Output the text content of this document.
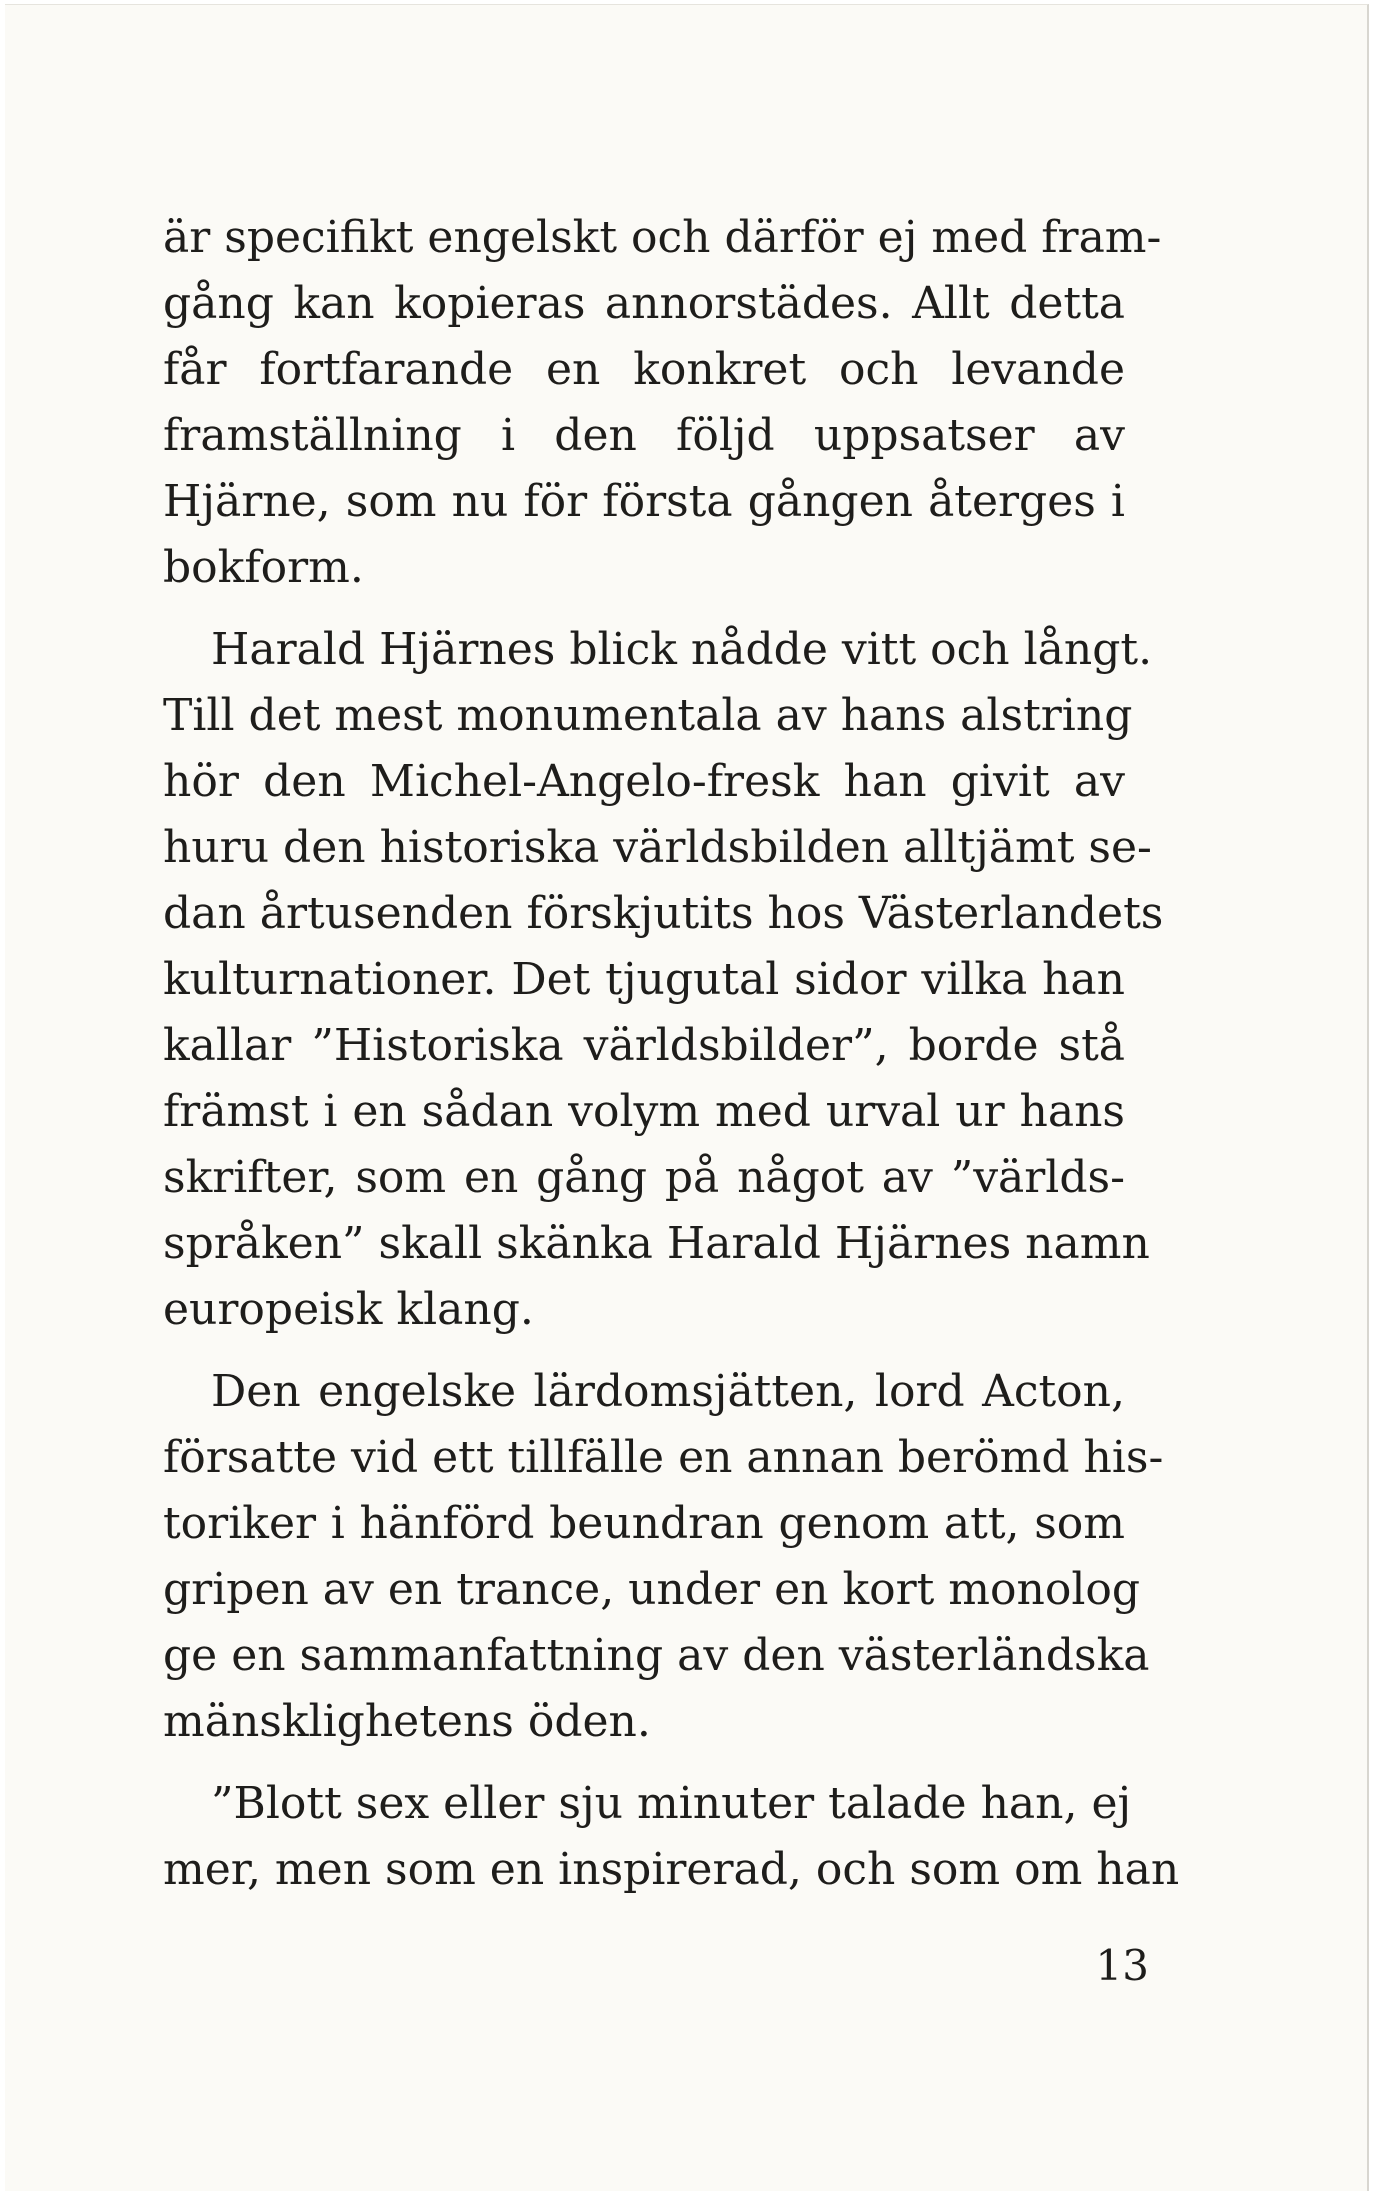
är specifikt engelskt och därför ej med fram-
gång kan kopieras annorstädes. Allt detta
får fortfarande en konkret och levande
framställning i den följd uppsatser av
Hjärne, som nu för första gången återges i
bokform.
Harald Hjärnes blick nådde vitt och långt.
Till det mest monumentala av hans alstring
hör den Michel-Angelo-fresk han givit av
huru den historiska världsbilden alltjämt se-
dan årtusenden förskjutits hos Västerlandets
kulturnationer. Det tjugutal sidor vilka han
kallar ”Historiska världsbilder”, borde stå
främst i en sådan volym med urval ur hans
skrifter, som en gång på något av ”världs-
språken” skall skänka Harald Hjärnes namn
europeisk klang.
Den engelske lärdomsjätten, lord Acton,
försatte vid ett tillfälle en annan berömd his-
toriker i hänförd beundran genom att, som
gripen av en trance, under en kort monolog
ge en sammanfattning av den västerländska
mänsklighetens öden.
”Blott sex eller sju minuter talade han, ej
mer, men som en inspirerad, och som om han
13
